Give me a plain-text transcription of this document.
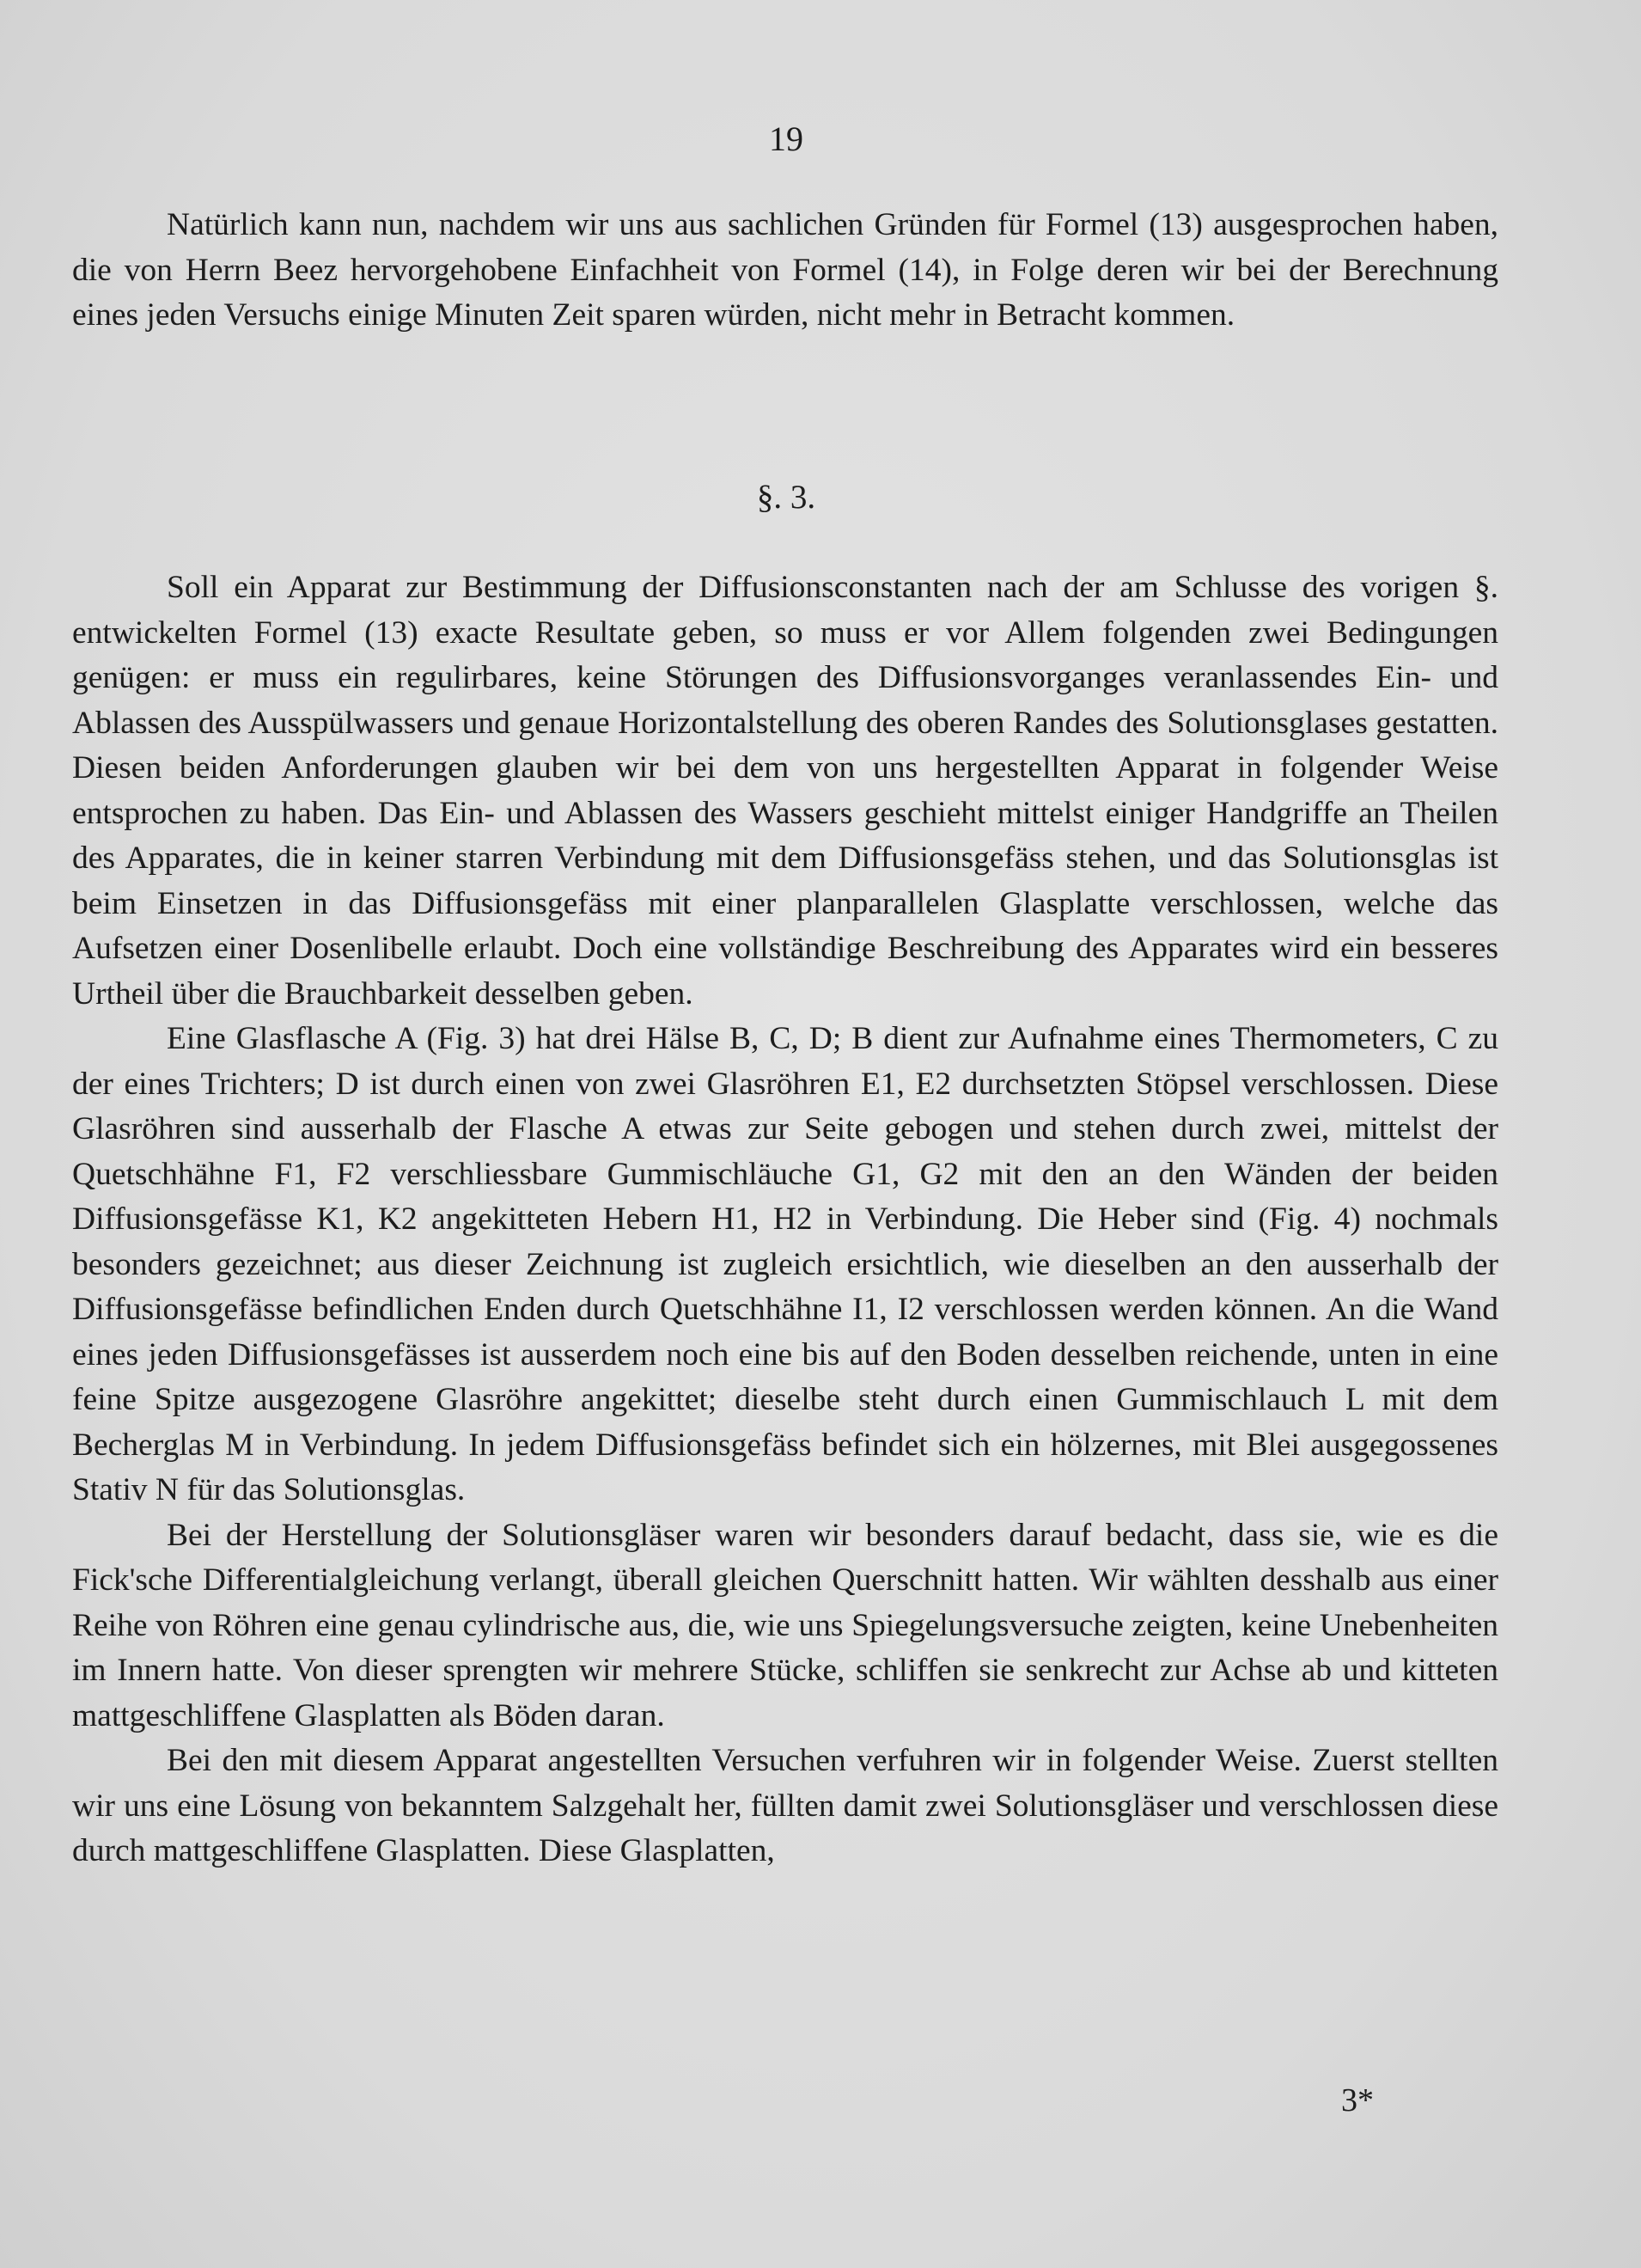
19

Natürlich kann nun, nachdem wir uns aus sachlichen Gründen für Formel (13) ausgesprochen haben, die von Herrn Beez hervorgehobene Einfachheit von Formel (14), in Folge deren wir bei der Berechnung eines jeden Versuchs einige Minuten Zeit sparen würden, nicht mehr in Betracht kommen.

§. 3.

Soll ein Apparat zur Bestimmung der Diffusionsconstanten nach der am Schlusse des vorigen §. entwickelten Formel (13) exacte Resultate geben, so muss er vor Allem folgenden zwei Bedingungen genügen: er muss ein regulirbares, keine Störungen des Diffusionsvorganges veranlassendes Ein- und Ablassen des Ausspülwassers und genaue Horizontalstellung des oberen Randes des Solutionsglases gestatten. Diesen beiden Anforderungen glauben wir bei dem von uns hergestellten Apparat in folgender Weise entsprochen zu haben. Das Ein- und Ablassen des Wassers geschieht mittelst einiger Handgriffe an Theilen des Apparates, die in keiner starren Verbindung mit dem Diffusionsgefäss stehen, und das Solutionsglas ist beim Einsetzen in das Diffusionsgefäss mit einer planparallelen Glasplatte verschlossen, welche das Aufsetzen einer Dosenlibelle erlaubt. Doch eine vollständige Beschreibung des Apparates wird ein besseres Urtheil über die Brauchbarkeit desselben geben.

Eine Glasflasche A (Fig. 3) hat drei Hälse B, C, D; B dient zur Aufnahme eines Thermometers, C zu der eines Trichters; D ist durch einen von zwei Glasröhren E1, E2 durchsetzten Stöpsel verschlossen. Diese Glasröhren sind ausserhalb der Flasche A etwas zur Seite gebogen und stehen durch zwei, mittelst der Quetschhähne F1, F2 verschliessbare Gummischläuche G1, G2 mit den an den Wänden der beiden Diffusionsgefässe K1, K2 angekitteten Hebern H1, H2 in Verbindung. Die Heber sind (Fig. 4) nochmals besonders gezeichnet; aus dieser Zeichnung ist zugleich ersichtlich, wie dieselben an den ausserhalb der Diffusionsgefässe befindlichen Enden durch Quetschhähne I1, I2 verschlossen werden können. An die Wand eines jeden Diffusionsgefässes ist ausserdem noch eine bis auf den Boden desselben reichende, unten in eine feine Spitze ausgezogene Glasröhre angekittet; dieselbe steht durch einen Gummischlauch L mit dem Becherglas M in Verbindung. In jedem Diffusionsgefäss befindet sich ein hölzernes, mit Blei ausgegossenes Stativ N für das Solutionsglas.

Bei der Herstellung der Solutionsgläser waren wir besonders darauf bedacht, dass sie, wie es die Fick'sche Differentialgleichung verlangt, überall gleichen Querschnitt hatten. Wir wählten desshalb aus einer Reihe von Röhren eine genau cylindrische aus, die, wie uns Spiegelungsversuche zeigten, keine Unebenheiten im Innern hatte. Von dieser sprengten wir mehrere Stücke, schliffen sie senkrecht zur Achse ab und kitteten mattgeschliffene Glasplatten als Böden daran.

Bei den mit diesem Apparat angestellten Versuchen verfuhren wir in folgender Weise. Zuerst stellten wir uns eine Lösung von bekanntem Salzgehalt her, füllten damit zwei Solutionsgläser und verschlossen diese durch mattgeschliffene Glasplatten. Diese Glasplatten,

3*
